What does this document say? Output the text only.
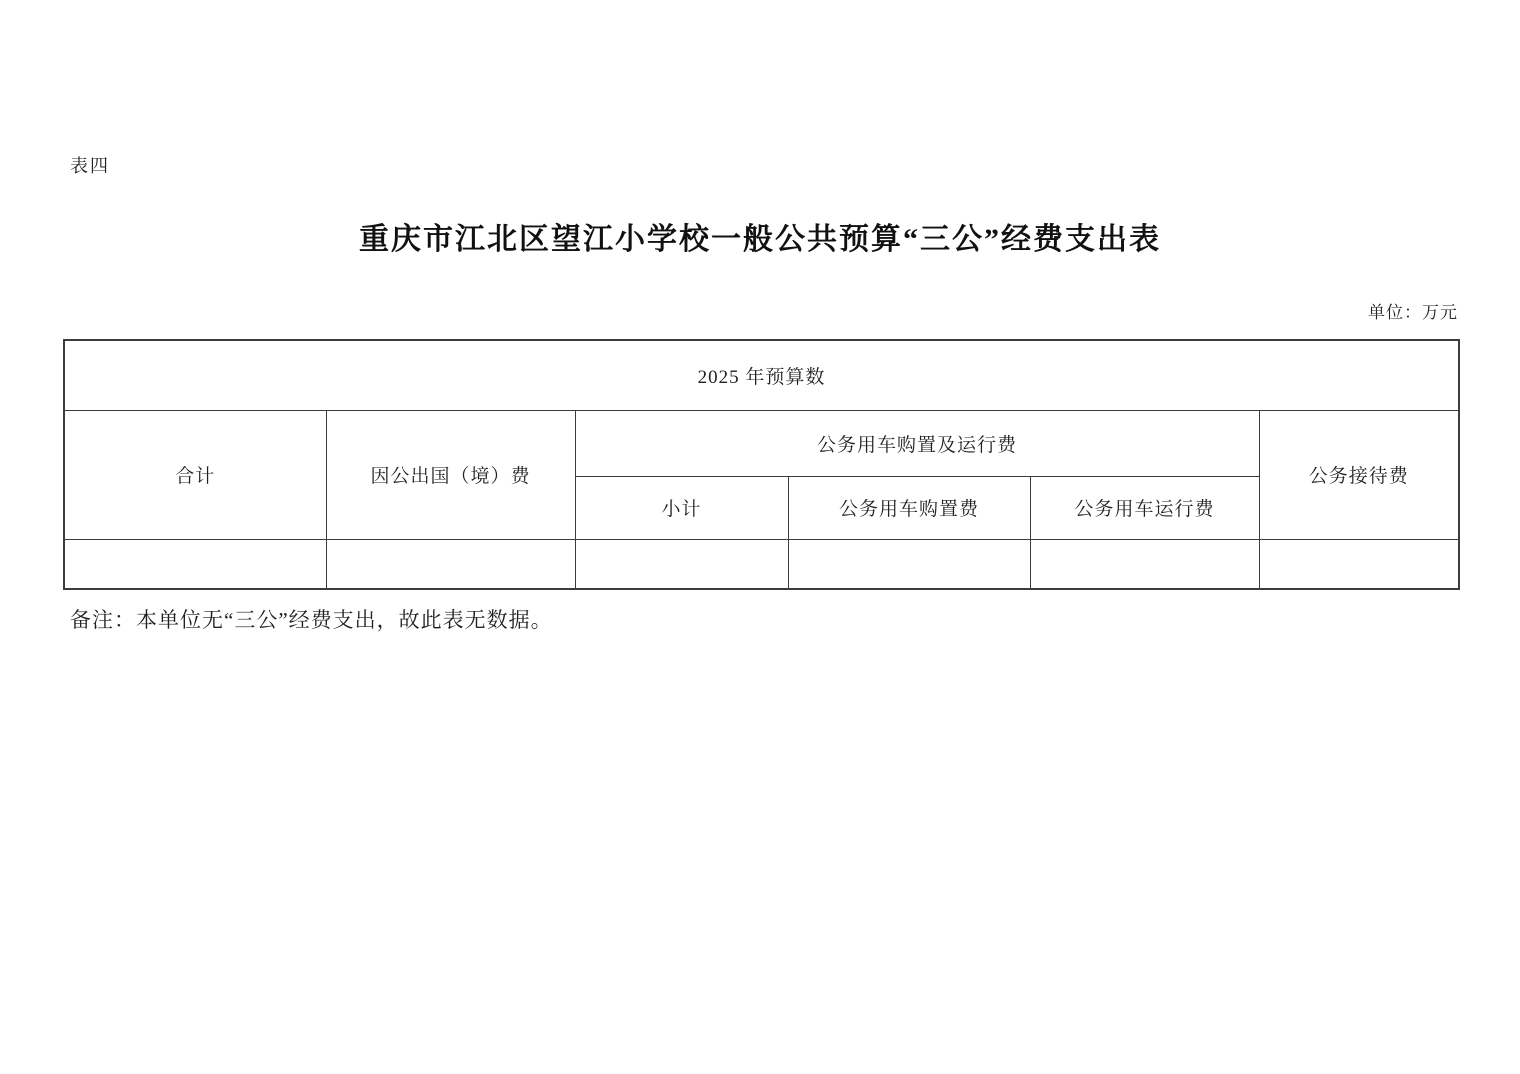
表四
重庆市江北区望江小学校一般公共预算“三公”经费支出表
单位：万元
2025 年预算数					
合计	因公出国（境）费	公务用车购置及运行费			公务接待费
		小计	公务用车购置费	公务用车运行费	

备注：本单位无“三公”经费支出，故此表无数据。
